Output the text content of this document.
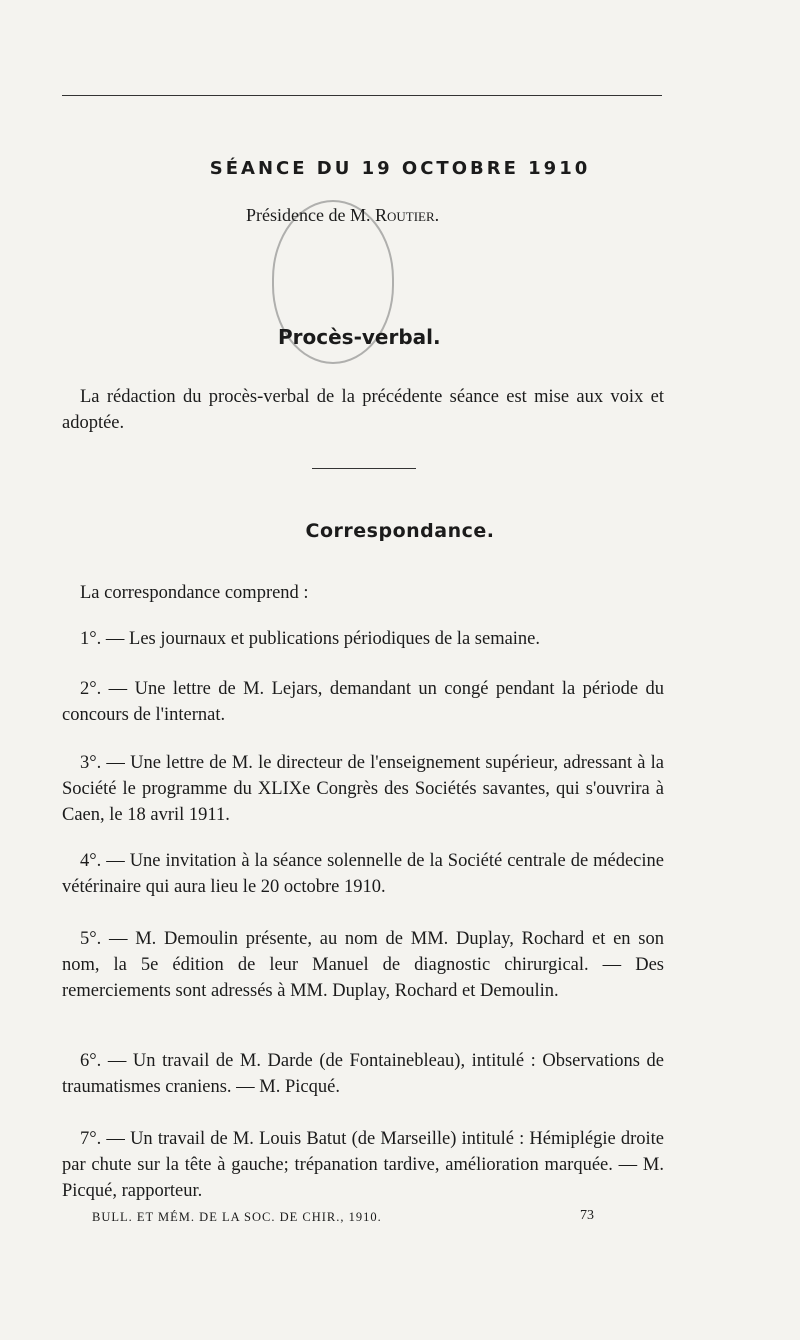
SÉANCE DU 19 OCTOBRE 1910
Présidence de M. Routier.
Procès-verbal.
La rédaction du procès-verbal de la précédente séance est mise aux voix et adoptée.
Correspondance.
La correspondance comprend :
1°. — Les journaux et publications périodiques de la semaine.
2°. — Une lettre de M. Lejars, demandant un congé pendant la période du concours de l'internat.
3°. — Une lettre de M. le directeur de l'enseignement supérieur, adressant à la Société le programme du XLIXe Congrès des Sociétés savantes, qui s'ouvrira à Caen, le 18 avril 1911.
4°. — Une invitation à la séance solennelle de la Société centrale de médecine vétérinaire qui aura lieu le 20 octobre 1910.
5°. — M. Demoulin présente, au nom de MM. Duplay, Rochard et en son nom, la 5e édition de leur Manuel de diagnostic chirurgical. — Des remerciements sont adressés à MM. Duplay, Rochard et Demoulin.
6°. — Un travail de M. Darde (de Fontainebleau), intitulé : Observations de traumatismes craniens. — M. Picqué.
7°. — Un travail de M. Louis Batut (de Marseille) intitulé : Hémiplégie droite par chute sur la tête à gauche; trépanation tardive, amélioration marquée. — M. Picqué, rapporteur.
BULL. ET MÉM. DE LA SOC. DE CHIR., 1910.	73
